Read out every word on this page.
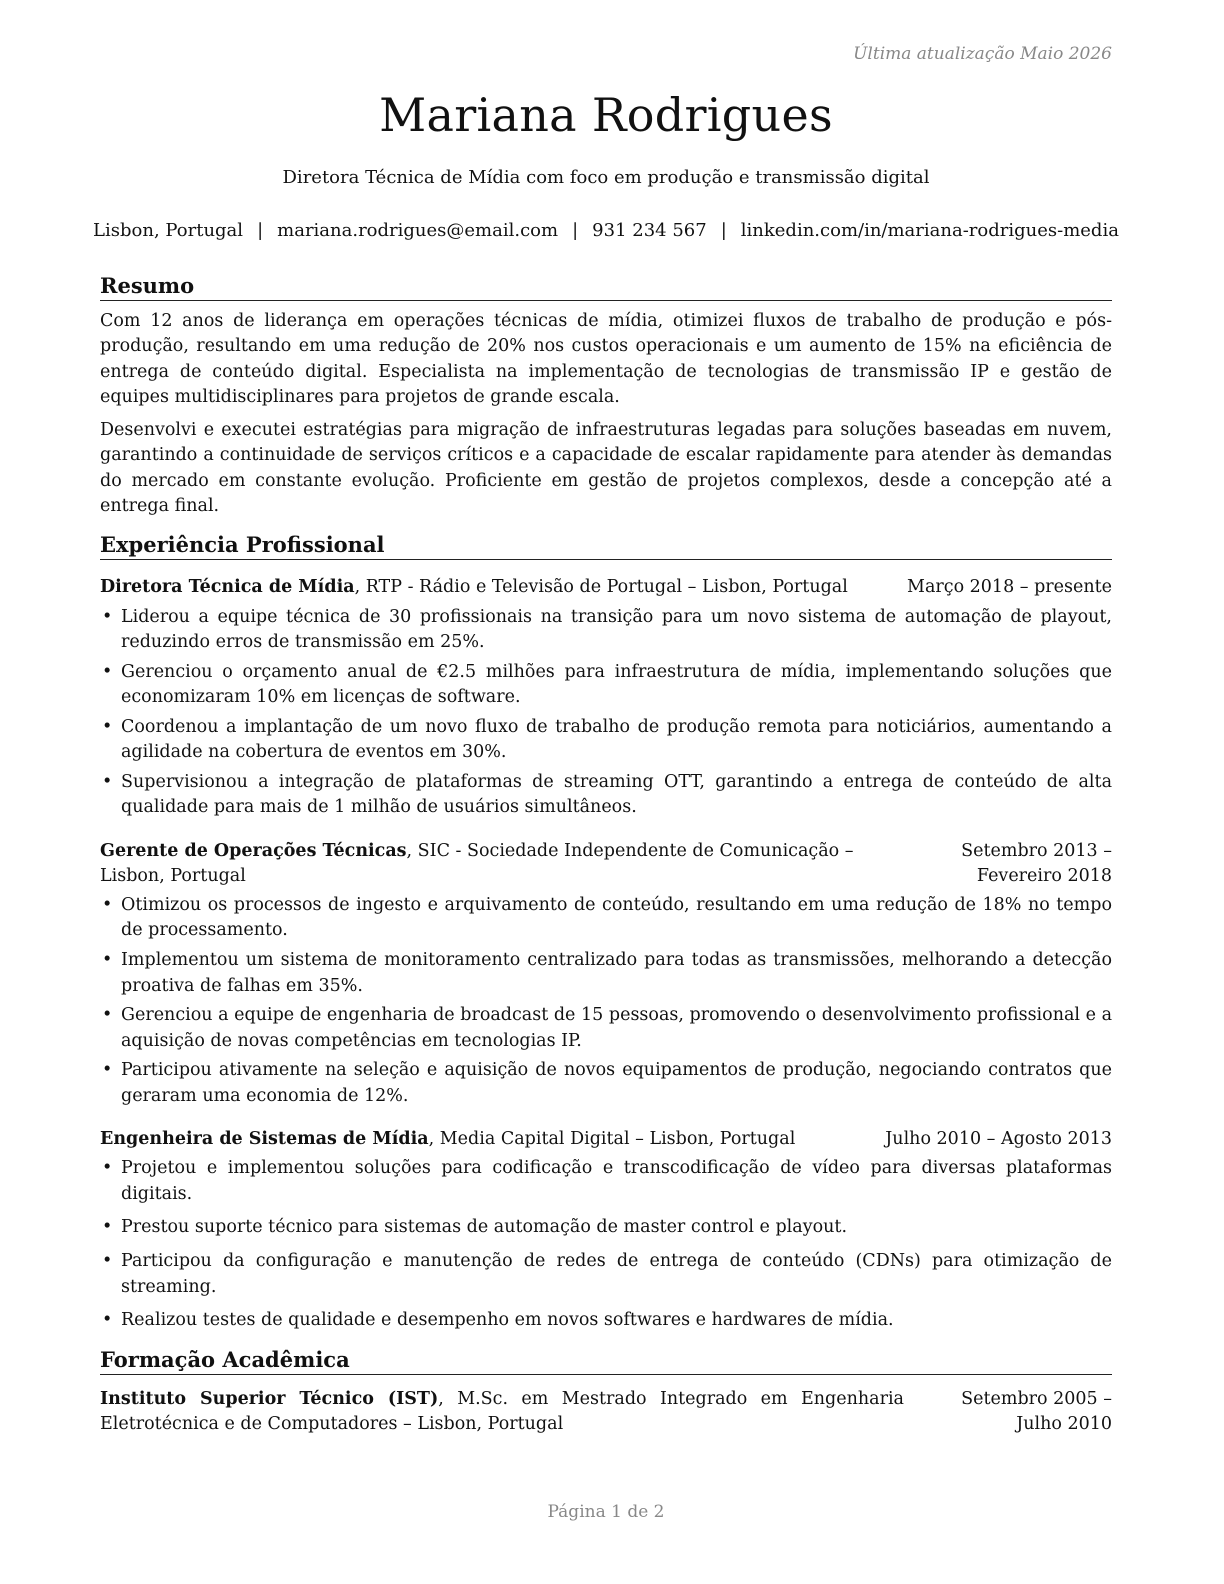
Última atualização Maio 2026
Mariana Rodrigues
Diretora Técnica de Mídia com foco em produção e transmissão digital
Lisbon, Portugal | mariana.rodrigues@email.com | 931 234 567 | linkedin.com/in/mariana-rodrigues-media
Resumo

Com 12 anos de liderança em operações técnicas de mídia, otimizei fluxos de trabalho de produção e pós-produção, resultando em uma redução de 20% nos custos operacionais e um aumento de 15% na eficiência de entrega de conteúdo digital. Especialista na implementação de tecnologias de transmissão IP e gestão de equipes multidisciplinares para projetos de grande escala.

Desenvolvi e executei estratégias para migração de infraestruturas legadas para soluções baseadas em nuvem, garantindo a continuidade de serviços críticos e a capacidade de escalar rapidamente para atender às demandas do mercado em constante evolução. Proficiente em gestão de projetos complexos, desde a concepção até a entrega final.

Experiência Profissional
Diretora Técnica de Mídia, RTP - Rádio e Televisão de Portugal – Lisbon, Portugal	Março 2018 – presente
• Liderou a equipe técnica de 30 profissionais na transição para um novo sistema de automação de playout, reduzindo erros de transmissão em 25%.
• Gerenciou o orçamento anual de €2.5 milhões para infraestrutura de mídia, implementando soluções que economizaram 10% em licenças de software.
• Coordenou a implantação de um novo fluxo de trabalho de produção remota para noticiários, aumentando a agilidade na cobertura de eventos em 30%.
• Supervisionou a integração de plataformas de streaming OTT, garantindo a entrega de conteúdo de alta qualidade para mais de 1 milhão de usuários simultâneos.
Gerente de Operações Técnicas, SIC - Sociedade Independente de Comunicação – Lisbon, Portugal
Setembro 2013 – Fevereiro 2018
• Otimizou os processos de ingesto e arquivamento de conteúdo, resultando em uma redução de 18% no tempo de processamento.
• Implementou um sistema de monitoramento centralizado para todas as transmissões, melhorando a detecção proativa de falhas em 35%.
• Gerenciou a equipe de engenharia de broadcast de 15 pessoas, promovendo o desenvolvimento profissional e a aquisição de novas competências em tecnologias IP.
• Participou ativamente na seleção e aquisição de novos equipamentos de produção, negociando contratos que geraram uma economia de 12%.
Engenheira de Sistemas de Mídia, Media Capital Digital – Lisbon, Portugal	Julho 2010 – Agosto 2013
• Projetou e implementou soluções para codificação e transcodificação de vídeo para diversas plataformas digitais.
• Prestou suporte técnico para sistemas de automação de master control e playout.
• Participou da configuração e manutenção de redes de entrega de conteúdo (CDNs) para otimização de streaming.
• Realizou testes de qualidade e desempenho em novos softwares e hardwares de mídia.
Formação Acadêmica
Instituto Superior Técnico (IST), M.Sc. em Mestrado Integrado em Engenharia Eletrotécnica e de Computadores – Lisbon, Portugal
Setembro 2005 – Julho 2010
Página 1 de 2
